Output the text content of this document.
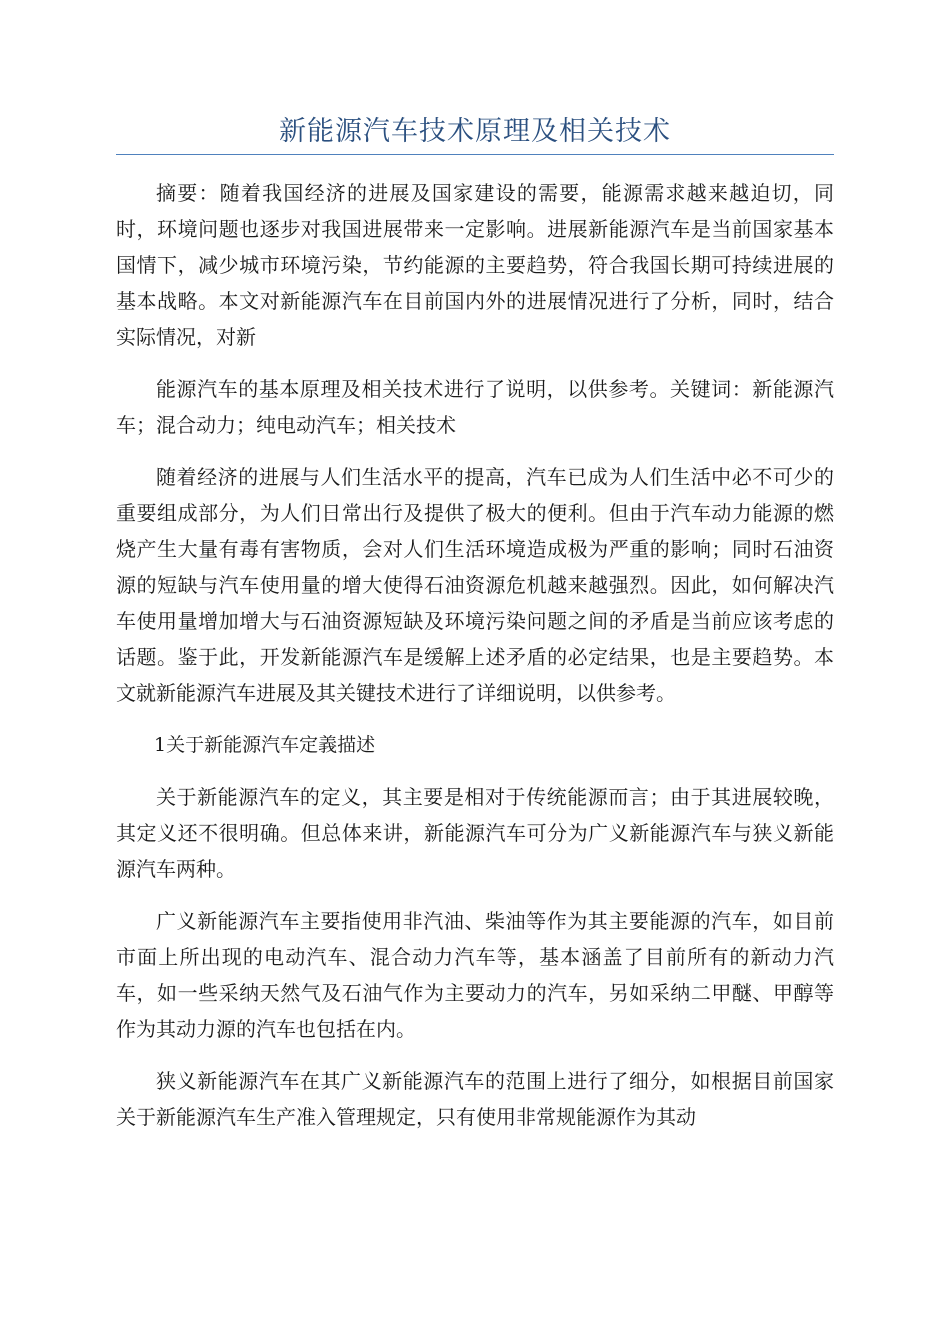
新能源汽车技术原理及相关技术

摘要：随着我国经济的进展及国家建设的需要，能源需求越来越迫切，同时，环境问题也逐步对我国进展带来一定影响。进展新能源汽车是当前国家基本国情下，减少城市环境污染，节约能源的主要趋势，符合我国长期可持续进展的基本战略。本文对新能源汽车在目前国内外的进展情况进行了分析，同时，结合实际情况，对新

能源汽车的基本原理及相关技术进行了说明，以供参考。关键词：新能源汽车；混合动力；纯电动汽车；相关技术

随着经济的进展与人们生活水平的提高，汽车已成为人们生活中必不可少的重要组成部分，为人们日常出行及提供了极大的便利。但由于汽车动力能源的燃烧产生大量有毒有害物质，会对人们生活环境造成极为严重的影响；同时石油资源的短缺与汽车使用量的增大使得石油资源危机越来越强烈。因此，如何解决汽车使用量增加增大与石油资源短缺及环境污染问题之间的矛盾是当前应该考虑的话题。鉴于此，开发新能源汽车是缓解上述矛盾的必定结果，也是主要趋势。本文就新能源汽车进展及其关键技术进行了详细说明，以供参考。

1关于新能源汽车定義描述

关于新能源汽车的定义，其主要是相对于传统能源而言；由于其进展较晚，其定义还不很明确。但总体来讲，新能源汽车可分为广义新能源汽车与狭义新能源汽车两种。

广义新能源汽车主要指使用非汽油、柴油等作为其主要能源的汽车，如目前市面上所出现的电动汽车、混合动力汽车等，基本涵盖了目前所有的新动力汽车，如一些采纳天然气及石油气作为主要动力的汽车，另如采纳二甲醚、甲醇等作为其动力源的汽车也包括在内。

狭义新能源汽车在其广义新能源汽车的范围上进行了细分，如根据目前国家关于新能源汽车生产准入管理规定，只有使用非常规能源作为其动
